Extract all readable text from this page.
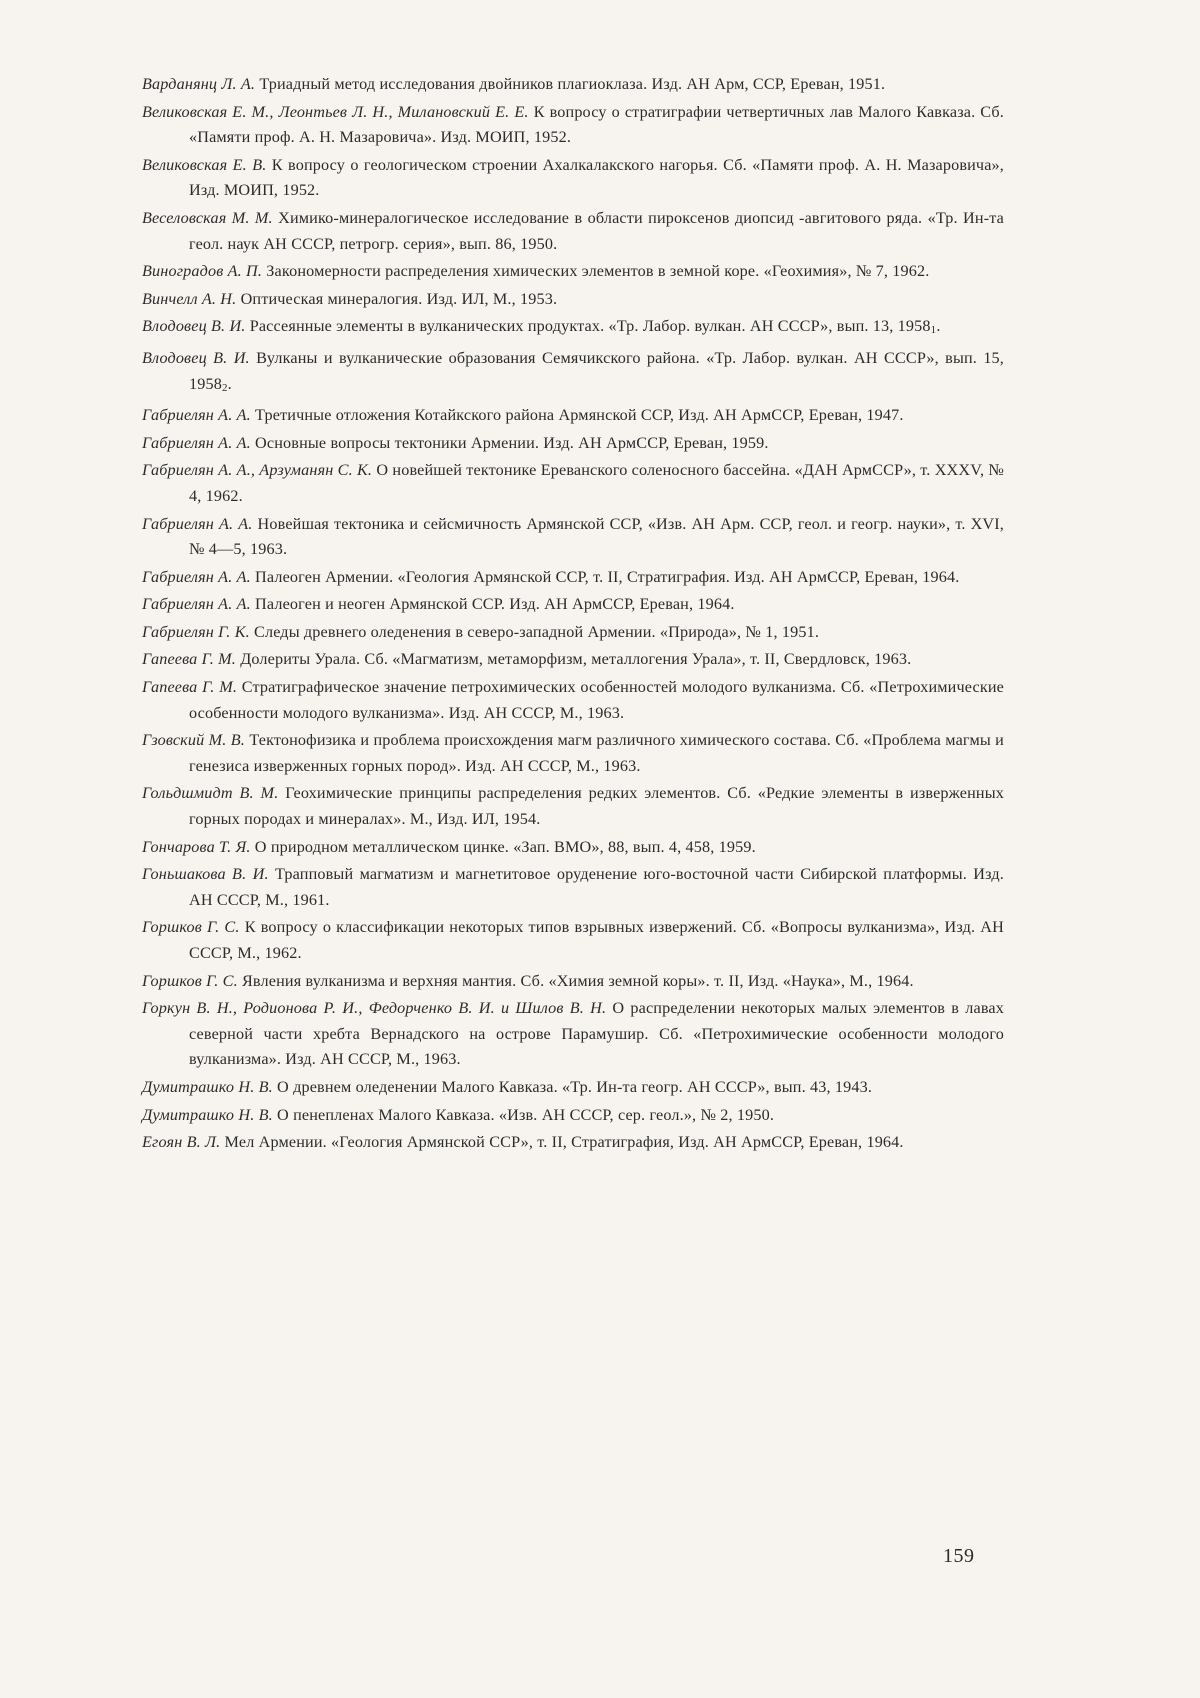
Варданянц Л. А. Триадный метод исследования двойников плагиоклаза. Изд. АН Арм, ССР, Ереван, 1951.
Великовская Е. М., Леонтьев Л. Н., Милановский Е. Е. К вопросу о стратиграфии четвертичных лав Малого Кавказа. Сб. «Памяти проф. А. Н. Мазаровича». Изд. МОИП, 1952.
Великовская Е. В. К вопросу о геологическом строении Ахалкалакского нагорья. Сб. «Памяти проф. А. Н. Мазаровича», Изд. МОИП, 1952.
Веселовская М. М. Химико-минералогическое исследование в области пироксенов диопсид -авгитового ряда. «Тр. Ин-та геол. наук АН СССР, петрогр. серия», вып. 86, 1950.
Виноградов А. П. Закономерности распределения химических элементов в земной коре. «Геохимия», № 7, 1962.
Винчелл А. Н. Оптическая минералогия. Изд. ИЛ, М., 1953.
Влодовец В. И. Рассеянные элементы в вулканических продуктах. «Тр. Лабор. вулкан. АН СССР», вып. 13, 19581.
Влодовец В. И. Вулканы и вулканические образования Семячикского района. «Тр. Лабор. вулкан. АН СССР», вып. 15, 19582.
Габриелян А. А. Третичные отложения Котайкского района Армянской ССР, Изд. АН АрмССР, Ереван, 1947.
Габриелян А. А. Основные вопросы тектоники Армении. Изд. АН АрмССР, Ереван, 1959.
Габриелян А. А., Арзуманян С. К. О новейшей тектонике Ереванского соленосного бассейна. «ДАН АрмССР», т. XXXV, № 4, 1962.
Габриелян А. А. Новейшая тектоника и сейсмичность Армянской ССР, «Изв. АН Арм. ССР, геол. и геогр. науки», т. XVI, № 4—5, 1963.
Габриелян А. А. Палеоген Армении. «Геология Армянской ССР, т. II, Стратиграфия. Изд. АН АрмССР, Ереван, 1964.
Габриелян А. А. Палеоген и неоген Армянской ССР. Изд. АН АрмССР, Ереван, 1964.
Габриелян Г. К. Следы древнего оледенения в северо-западной Армении. «Природа», № 1, 1951.
Гапеева Г. М. Долериты Урала. Сб. «Магматизм, метаморфизм, металлогения Урала», т. II, Свердловск, 1963.
Гапеева Г. М. Стратиграфическое значение петрохимических особенностей молодого вулканизма. Сб. «Петрохимические особенности молодого вулканизма». Изд. АН СССР, М., 1963.
Гзовский М. В. Тектонофизика и проблема происхождения магм различного химического состава. Сб. «Проблема магмы и генезиса изверженных горных пород». Изд. АН СССР, М., 1963.
Гольдшмидт В. М. Геохимические принципы распределения редких элементов. Сб. «Редкие элементы в изверженных горных породах и минералах». М., Изд. ИЛ, 1954.
Гончарова Т. Я. О природном металлическом цинке. «Зап. ВМО», 88, вып. 4, 458, 1959.
Гоньшакова В. И. Трапповый магматизм и магнетитовое оруденение юго-восточной части Сибирской платформы. Изд. АН СССР, М., 1961.
Горшков Г. С. К вопросу о классификации некоторых типов взрывных извержений. Сб. «Вопросы вулканизма», Изд. АН СССР, М., 1962.
Горшков Г. С. Явления вулканизма и верхняя мантия. Сб. «Химия земной коры». т. II, Изд. «Наука», М., 1964.
Горкун В. Н., Родионова Р. И., Федорченко В. И. и Шилов В. Н. О распределении некоторых малых элементов в лавах северной части хребта Вернадского на острове Парамушир. Сб. «Петрохимические особенности молодого вулканизма». Изд. АН СССР, М., 1963.
Думитрашко Н. В. О древнем оледенении Малого Кавказа. «Тр. Ин-та геогр. АН СССР», вып. 43, 1943.
Думитрашко Н. В. О пенепленах Малого Кавказа. «Изв. АН СССР, сер. геол.», № 2, 1950.
Егоян В. Л. Мел Армении. «Геология Армянской ССР», т. II, Стратиграфия, Изд. АН АрмССР, Ереван, 1964.
159
